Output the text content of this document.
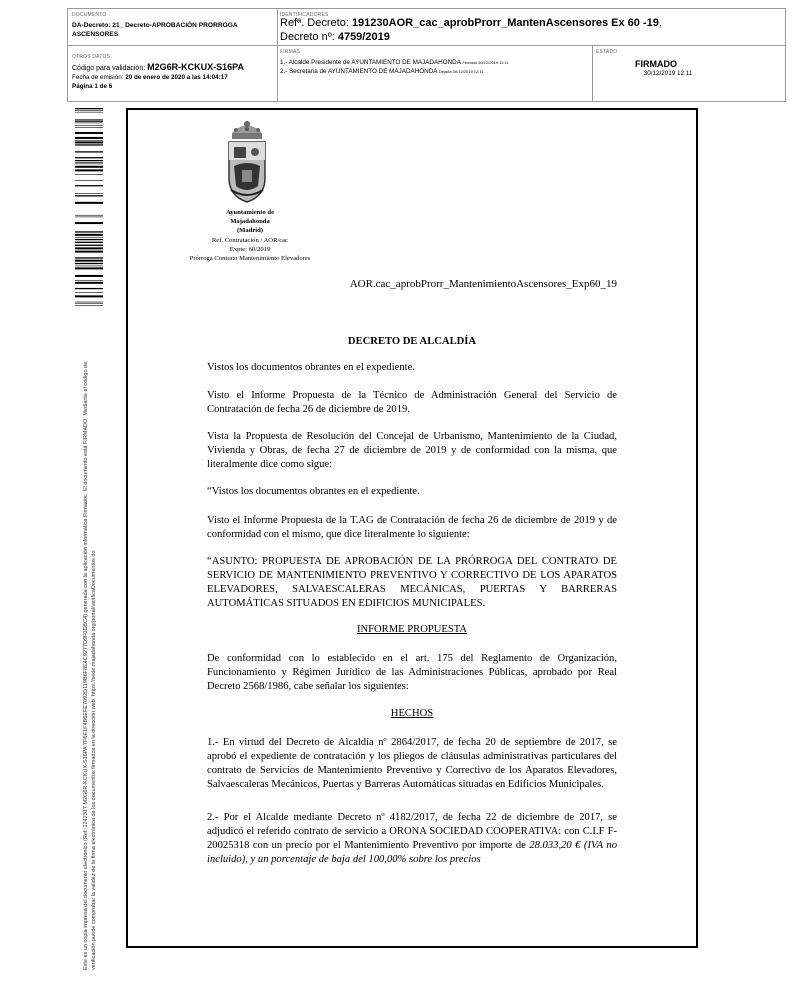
DOCUMENTO
DA-Decreto: 21_ Decreto-APROBACIÓN PRORROGA ASCENSORES
IDENTIFICADORES
Refª. Decreto: 191230AOR_cac_aprobProrr_MantenAscensores Ex 60 -19, Decreto nº: 4759/2019
OTROS DATOS
Código para validación: M2G6R-KCKUX-S16PA
Fecha de emisión: 20 de enero de 2020 a las 14:04:17
Página 1 de 6
FIRMAS
1.- Alcalde Presidente de AYUNTAMIENTO DE MAJADAHONDA Firmado 30/12/2019 11:11
2.- Secretaria de AYUNTAMIENTO DE MAJADAHONDA Dejarla 30/12/2019 12:11
ESTADO
FIRMADO
30/12/2019 12:11
Este es un copia impresa del documento electrónico (Ref: 1242317 M2G6R-KCKUX-S16PA 7F6E1F4B6EFE7092D119B6F8E4C9277D9F0DBC4) generada con la aplicación informática Firmadoc. El documento está FIRMADO. Mediante el código de verificación puede comprobar la validez de la firma electrónica de los documentos firmados en la dirección web: https://sede.majadahonda.org/portal/verificaDocumentos.do
Ayuntamiento de
Majadahonda
(Madrid)
Ref. Contratación / AOR/cac
Expte: 60/2019
Prórroga Contrato Mantenimiento Elevadores
AOR.cac_aprobProrr_MantenimientoAscensores_Exp60_19
DECRETO DE ALCALDÍA
Vistos los documentos obrantes en el expediente.
Visto el Informe Propuesta de la Técnico de Administración General del Servicio de Contratación de fecha 26 de diciembre de 2019.
Vista la Propuesta de Resolución del Concejal de Urbanismo, Mantenimiento de la Ciudad, Vivienda y Obras, de fecha 27 de diciembre de 2019 y de conformidad con la misma, que literalmente dice como sigue:
“Vistos los documentos obrantes en el expediente.
Visto el Informe Propuesta de la T.AG de Contratación de fecha 26 de diciembre de 2019 y de conformidad con el mismo, que dice literalmente lo siguiente:
“ASUNTO: PROPUESTA DE APROBACIÓN DE LA PRÓRROGA DEL CONTRATO DE SERVICIO DE MANTENIMIENTO PREVENTIVO Y CORRECTIVO DE LOS APARATOS ELEVADORES, SALVAESCALERAS MECÁNICAS, PUERTAS Y BARRERAS AUTOMÁTICAS SITUADOS EN EDIFICIOS MUNICIPALES.
INFORME PROPUESTA
De conformidad con lo establecido en el art. 175 del Reglamento de Organización, Funcionamiento y Régimen Jurídico de las Administraciones Públicas, aprobado por Real Decreto 2568/1986, cabe señalar los siguientes:
HECHOS
1.- En virtud del Decreto de Alcaldía nº 2864/2017, de fecha 20 de septiembre de 2017, se aprobó el expediente de contratación y los pliegos de cláusulas administrativas particulares del contrato de Servicios de Mantenimiento Preventivo y Correctivo de los Aparatos Elevadores, Salvaescaleras Mecánicos, Puertas y Barreras Automáticas situadas en Edificios Municipales.
2.- Por el Alcalde mediante Decreto nº 4182/2017, de fecha 22 de diciembre de 2017, se adjudicó el referido contrato de servicio a ORONA SOCIEDAD COOPERATIVA: con C.I.F F-20025318 con un precio por el Mantenimiento Preventivo por importe de 28.033,20 € (IVA no incluido), y un porcentaje de baja del 100,00% sobre los precios
